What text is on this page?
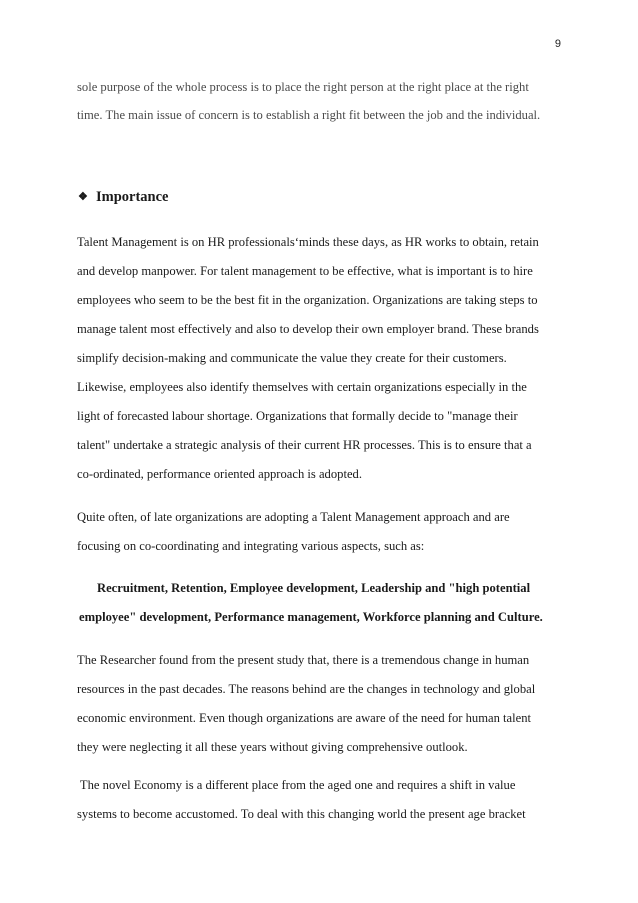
9
sole purpose of the whole process is to place the right person at the right place at the right
time. The main issue of concern is to establish a right fit between the job and the individual.
❖ Importance
Talent Management is on HR professionals‘minds these days, as HR works to obtain, retain
and develop manpower. For talent management to be effective, what is important is to hire
employees who seem to be the best fit in the organization. Organizations are taking steps to
manage talent most effectively and also to develop their own employer brand. These brands
simplify decision-making and communicate the value they create for their customers.
Likewise, employees also identify themselves with certain organizations especially in the
light of forecasted labour shortage. Organizations that formally decide to "manage their
talent" undertake a strategic analysis of their current HR processes. This is to ensure that a
co-ordinated, performance oriented approach is adopted.
Quite often, of late organizations are adopting a Talent Management approach and are
focusing on co-coordinating and integrating various aspects, such as:
Recruitment, Retention, Employee development, Leadership and "high potential
employee" development, Performance management, Workforce planning and Culture.
The Researcher found from the present study that, there is a tremendous change in human
resources in the past decades. The reasons behind are the changes in technology and global
economic environment. Even though organizations are aware of the need for human talent
they were neglecting it all these years without giving comprehensive outlook.
The novel Economy is a different place from the aged one and requires a shift in value
systems to become accustomed. To deal with this changing world the present age bracket
